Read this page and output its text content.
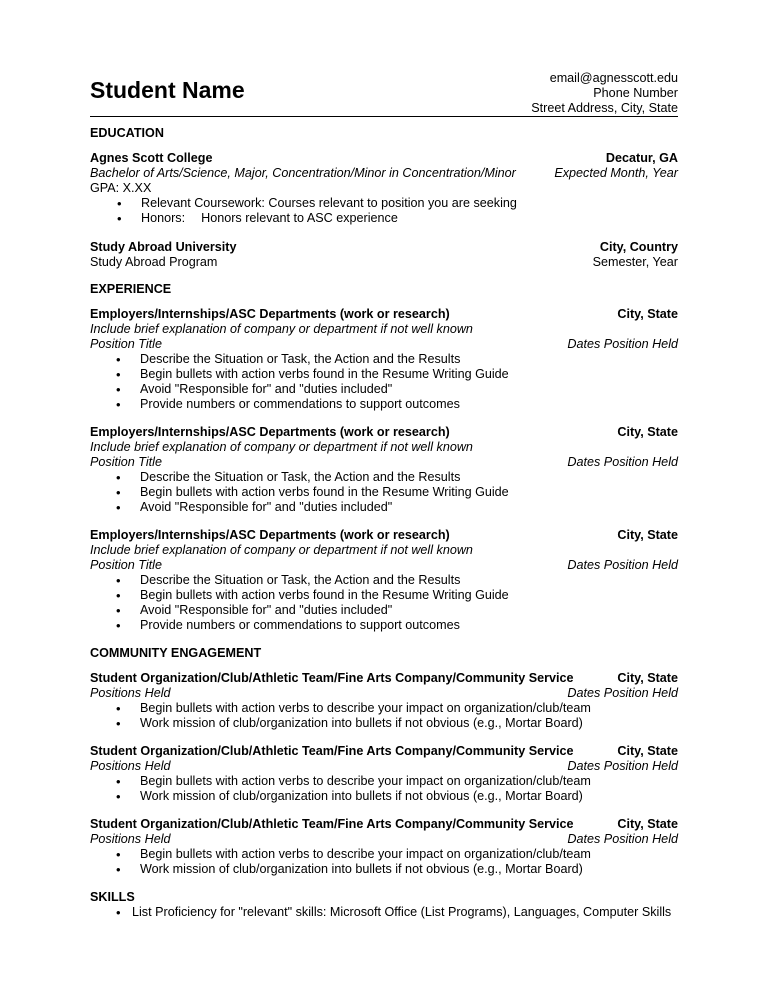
Student Name	email@agnesscott.edu
Phone Number
Street Address, City, State
EDUCATION
Agnes Scott College	Decatur, GA
Bachelor of Arts/Science, Major, Concentration/Minor in Concentration/Minor	Expected Month, Year
GPA: X.XX
• Relevant Coursework: Courses relevant to position you are seeking
• Honors: Honors relevant to ASC experience
Study Abroad University	City, Country
Study Abroad Program	Semester, Year
EXPERIENCE
Employers/Internships/ASC Departments (work or research)	City, State
Include brief explanation of company or department if not well known
Position Title	Dates Position Held
• Describe the Situation or Task, the Action and the Results
• Begin bullets with action verbs found in the Resume Writing Guide
• Avoid "Responsible for" and "duties included"
• Provide numbers or commendations to support outcomes
Employers/Internships/ASC Departments (work or research)	City, State
Include brief explanation of company or department if not well known
Position Title	Dates Position Held
• Describe the Situation or Task, the Action and the Results
• Begin bullets with action verbs found in the Resume Writing Guide
• Avoid "Responsible for" and "duties included"
Employers/Internships/ASC Departments (work or research)	City, State
Include brief explanation of company or department if not well known
Position Title	Dates Position Held
• Describe the Situation or Task, the Action and the Results
• Begin bullets with action verbs found in the Resume Writing Guide
• Avoid "Responsible for" and "duties included"
• Provide numbers or commendations to support outcomes
COMMUNITY ENGAGEMENT
Student Organization/Club/Athletic Team/Fine Arts Company/Community Service	City, State
Positions Held	Dates Position Held
• Begin bullets with action verbs to describe your impact on organization/club/team
• Work mission of club/organization into bullets if not obvious (e.g., Mortar Board)
Student Organization/Club/Athletic Team/Fine Arts Company/Community Service	City, State
Positions Held	Dates Position Held
• Begin bullets with action verbs to describe your impact on organization/club/team
• Work mission of club/organization into bullets if not obvious (e.g., Mortar Board)
Student Organization/Club/Athletic Team/Fine Arts Company/Community Service	City, State
Positions Held	Dates Position Held
• Begin bullets with action verbs to describe your impact on organization/club/team
• Work mission of club/organization into bullets if not obvious (e.g., Mortar Board)
SKILLS
• List Proficiency for "relevant" skills: Microsoft Office (List Programs), Languages, Computer Skills
